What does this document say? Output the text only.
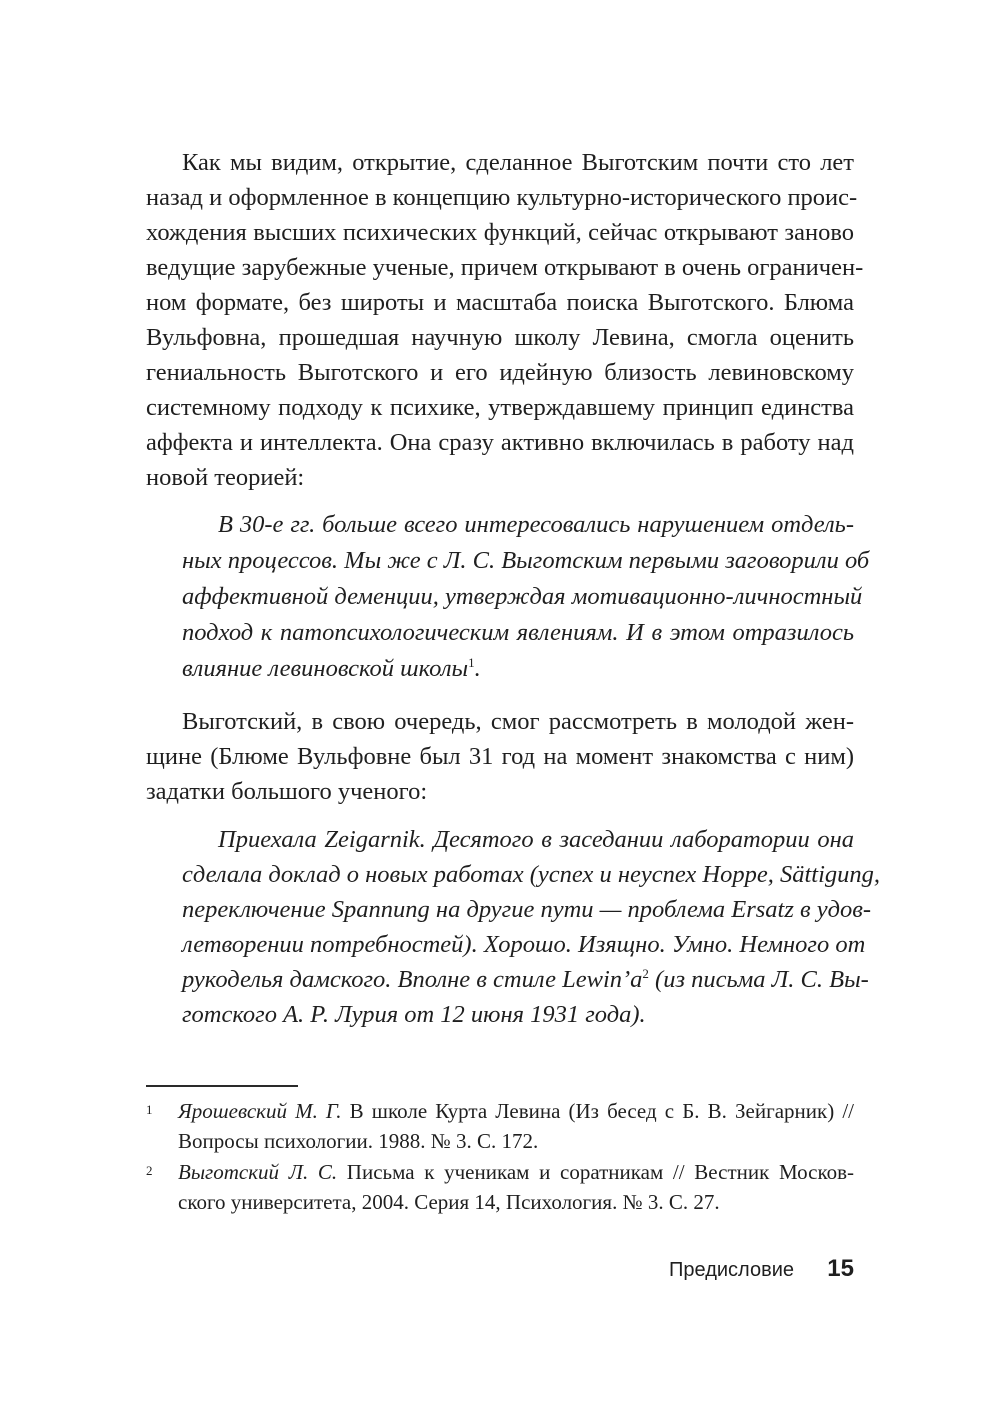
Как мы видим, открытие, сделанное Выготским почти сто лет
назад и оформленное в концепцию культурно-исторического проис-
хождения высших психических функций, сейчас открывают заново
ведущие зарубежные ученые, причем открывают в очень ограничен-
ном формате, без широты и масштаба поиска Выготского. Блюма
Вульфовна, прошедшая научную школу Левина, смогла оценить
гениальность Выготского и его идейную близость левиновскому
системному подходу к психике, утверждавшему принцип единства
аффекта и интеллекта. Она сразу активно включилась в работу над
новой теорией:
В 30-е гг. больше всего интересовались нарушением отдель-
ных процессов. Мы же с Л. С. Выготским первыми заговорили об
аффективной деменции, утверждая мотивационно-личностный
подход к патопсихологическим явлениям. И в этом отразилось
влияние левиновской школы$^1$.
Выготский, в свою очередь, смог рассмотреть в молодой жен-
щине (Блюме Вульфовне был 31 год на момент знакомства с ним)
задатки большого ученого:
Приехала Zeigarnik. Десятого в заседании лаборатории она
сделала доклад о новых работах (успех и неуспех Hoppe, Sättigung,
переключение Spannung на другие пути — проблема Ersatz в удов-
летворении потребностей). Хорошо. Изящно. Умно. Немного от
рукоделья дамского. Вполне в стиле $Lewin’a^2$ (из письма Л. С. Вы-
готского А. Р. Лурия от 12 июня 1931 года).
1 Ярошевский М. Г. В школе Курта Левина (Из бесед с Б. В. Зейгарник) //
Вопросы психологии. 1988. № 3. С. 172.
2 Выготский Л. С. Письма к ученикам и соратникам // Вестник Москов-
ского университета, 2004. Серия 14, Психология. № 3. С. 27.
Предисловие 15
